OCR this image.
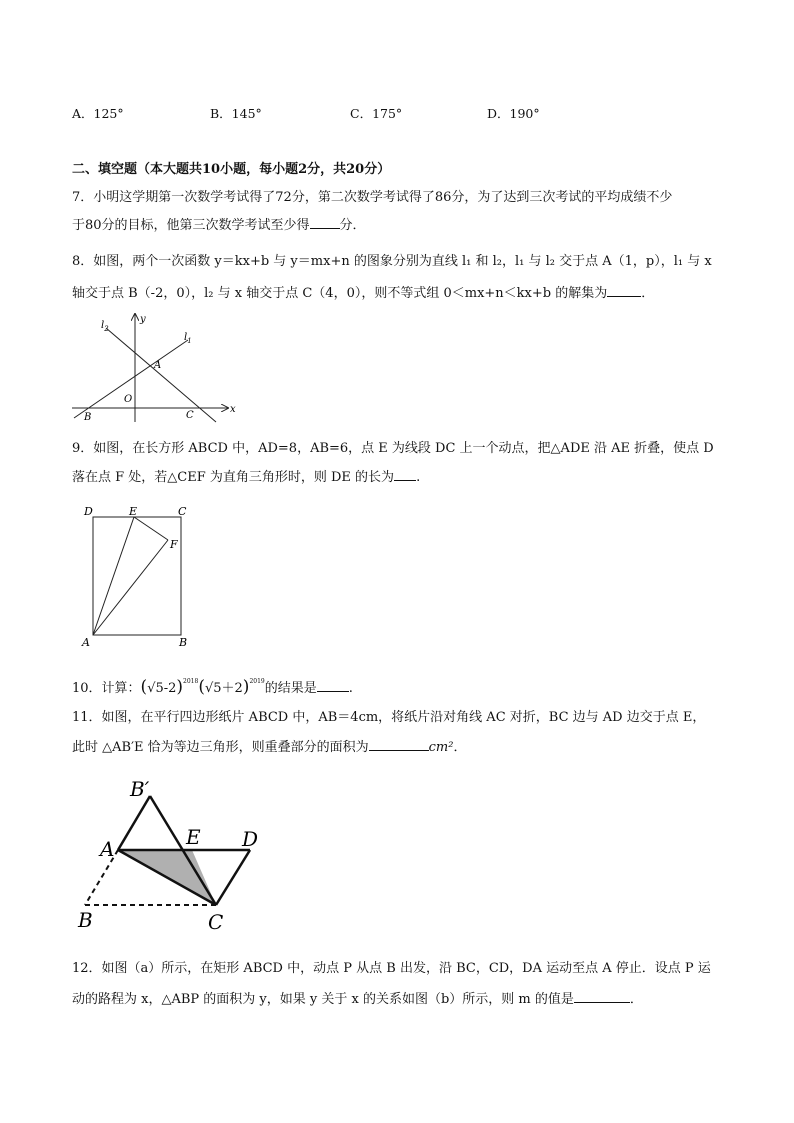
A．125°	B．145°	C．175°	D．190°
二、填空题（本大题共10小题，每小题2分，共20分）
7．小明这学期第一次数学考试得了72分，第二次数学考试得了86分，为了达到三次考试的平均成绩不少
于80分的目标，他第三次数学考试至少得 分．
8．如图，两个一次函数 y＝kx+b 与 y＝mx+n 的图象分别为直线 l₁ 和 l₂，l₁ 与 l₂ 交于点 A（1，p），l₁ 与 x
轴交于点 B（-2，0），l₂ 与 x 轴交于点 C（4，0），则不等式组 0＜mx+n＜kx+b 的解集为	．
$l_2$
$l_1$
y
A
O
B	C
x
9．如图，在长方形 ABCD 中，AD=8，AB=6，点 E 为线段 DC 上一个动点，把△ADE 沿 AE 折叠，使点 D
落在点 F 处，若△CEF 为直角三角形时，则 DE 的长为 .
D	E	C
F
A	B
10．计算：$(√5-2)^{2018}(√5+2)^{2019}$的结果是 .
11．如图，在平行四边形纸片 ABCD 中，AB＝4cm，将纸片沿对角线 AC 对折，BC 边与 AD 边交于点 E，
此时 △AB′E 恰为等边三角形，则重叠部分的面积为	cm²．
B′
A	E D
B	C
12．如图（a）所示，在矩形 ABCD 中，动点 P 从点 B 出发，沿 BC，CD，DA 运动至点 A 停止．设点 P 运
动的路程为 x，△ABP 的面积为 y，如果 y 关于 x 的关系如图（b）所示，则 m 的值是	．
